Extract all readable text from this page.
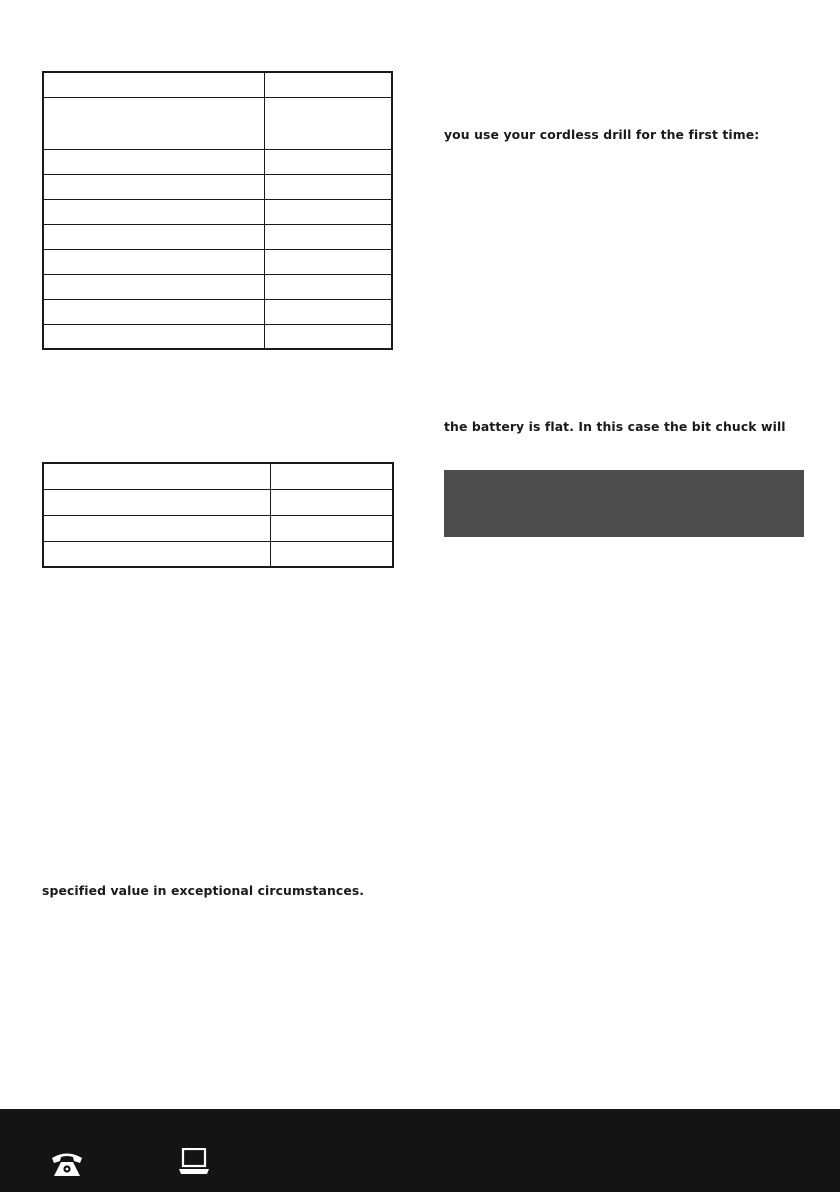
you use your cordless drill for the first time:
the battery is flat. In this case the bit chuck will
specified value in exceptional circumstances.
